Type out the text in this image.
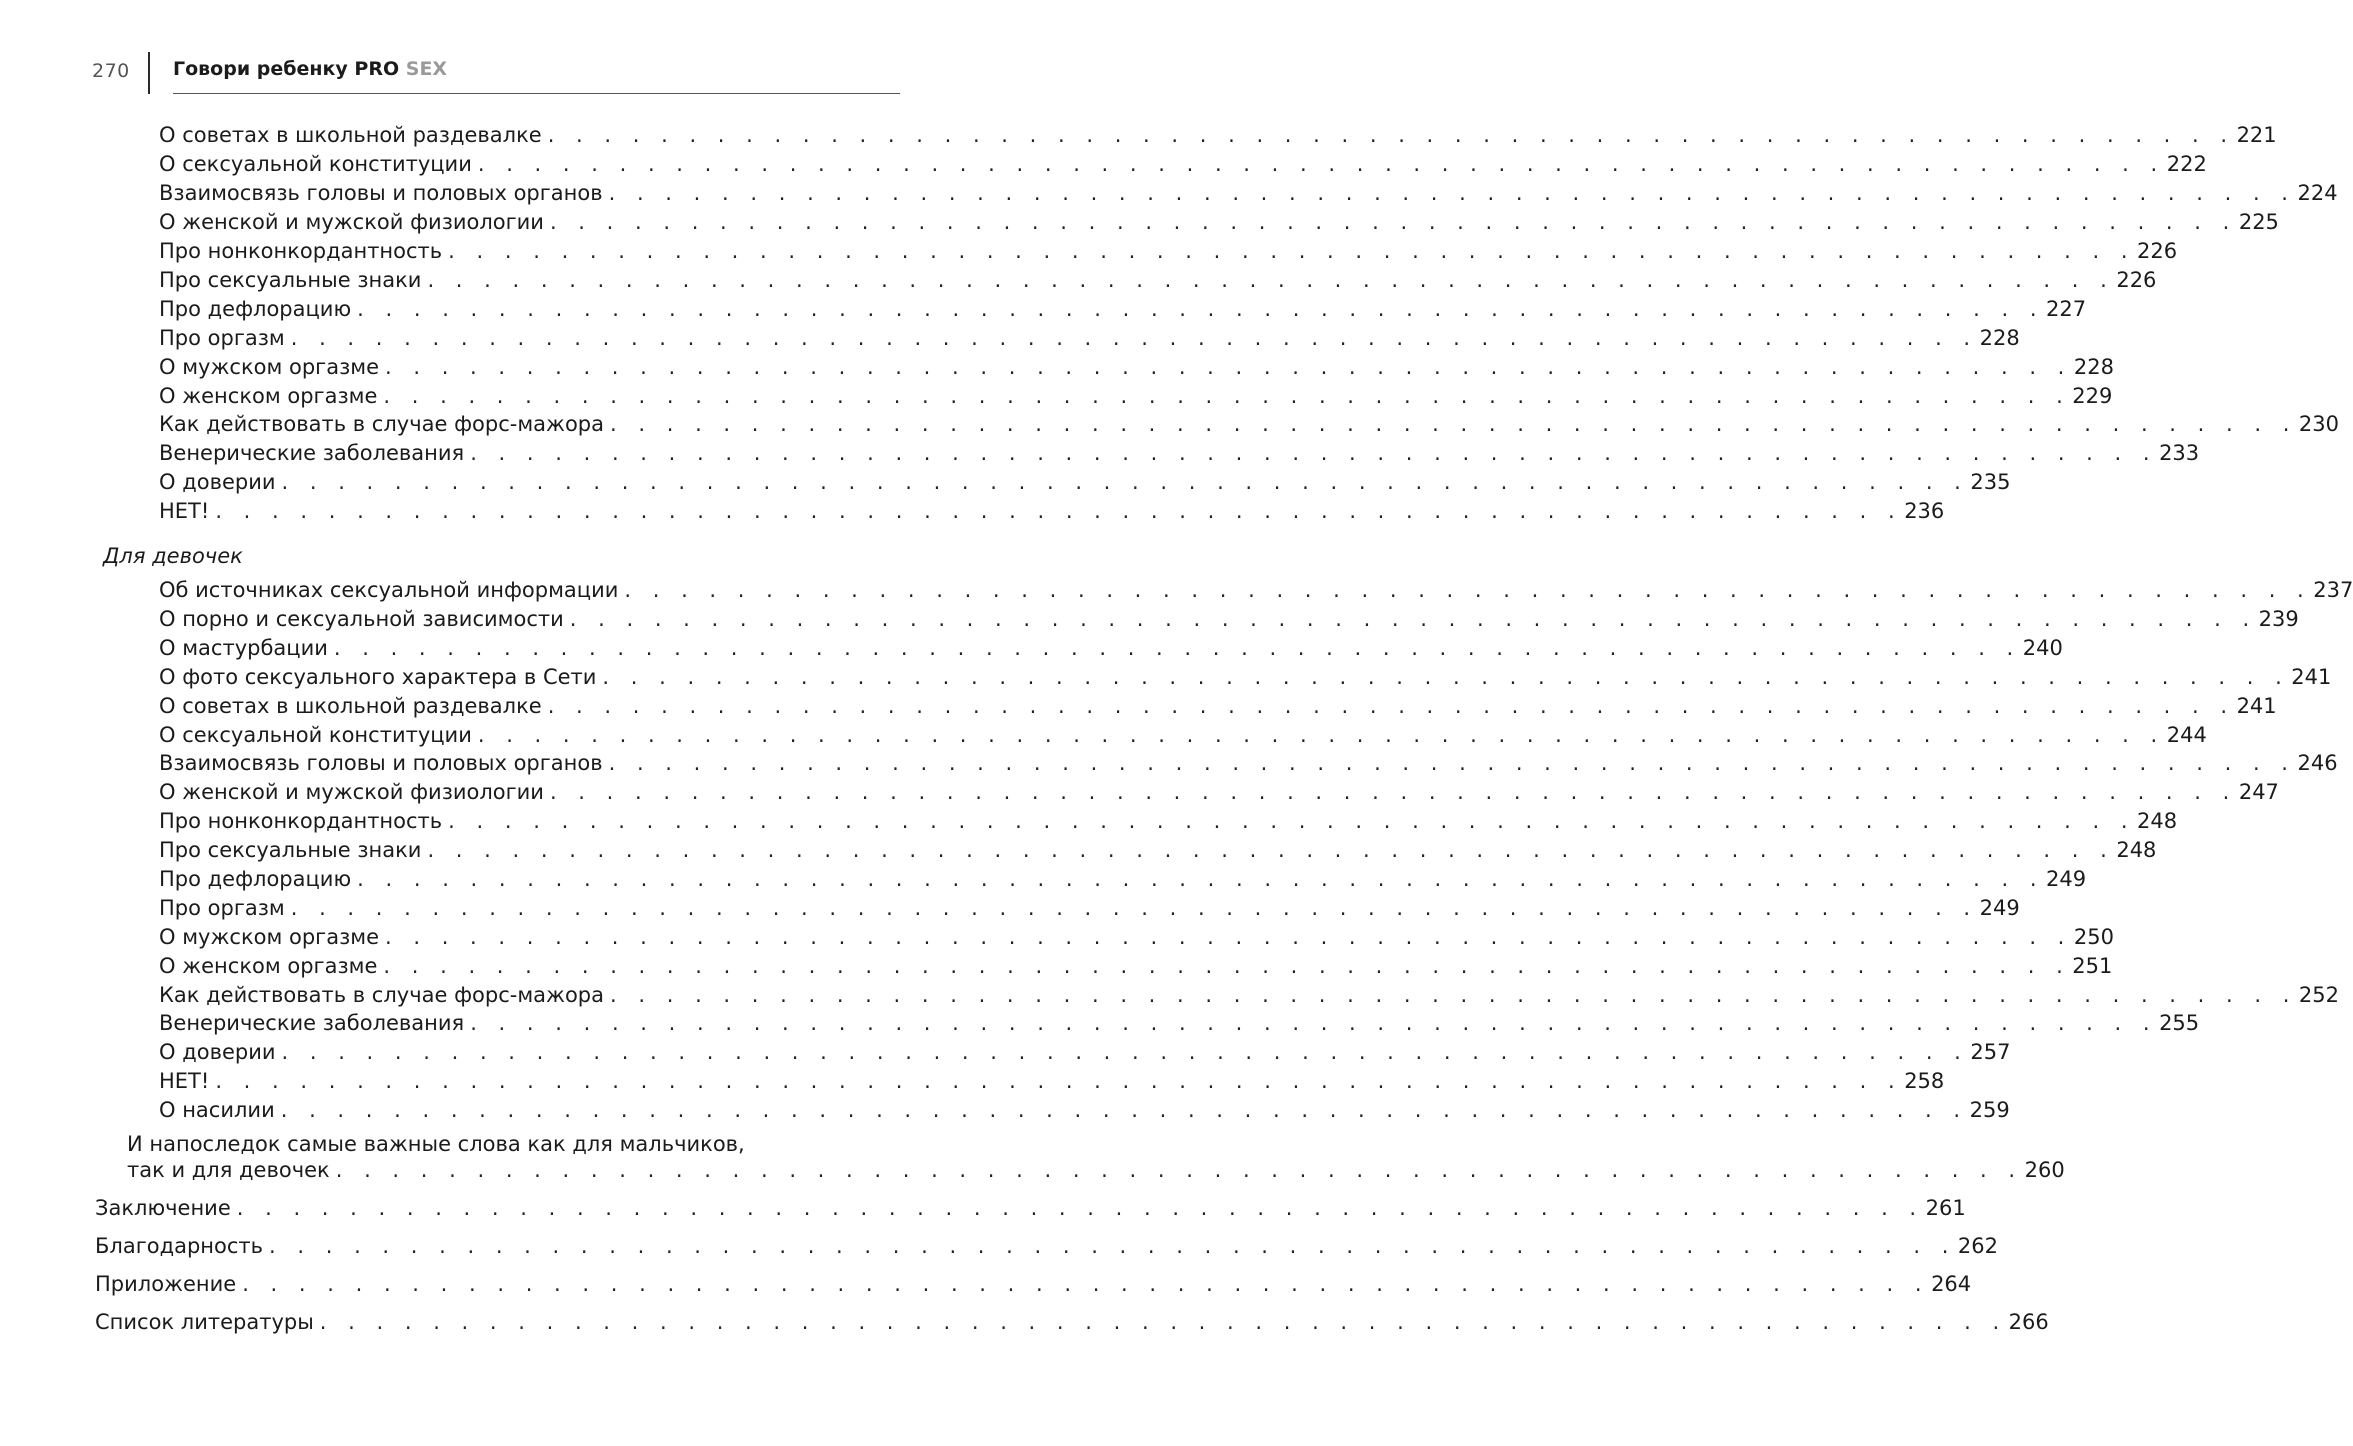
270 Говори ребенку PRO SEX
О советах в школьной раздевалке . . . . . . . . . . . . . . . . . . . . . . . . . . . . . . . . . . . . . . . . . . . . . . . . . . . . . . . . . . . . 221
О сексуальной конституции . . . . . . . . . . . . . . . . . . . . . . . . . . . . . . . . . . . . . . . . . . . . . . . . . . . . . . . . . . . . 222
Взаимосвязь головы и половых органов . . . . . . . . . . . . . . . . . . . . . . . . . . . . . . . . . . . . . . . . . . . . . . . . . . . . . . . . . . . . 224
О женской и мужской физиологии . . . . . . . . . . . . . . . . . . . . . . . . . . . . . . . . . . . . . . . . . . . . . . . . . . . . . . . . . . . . 225
Про нонконкордантность . . . . . . . . . . . . . . . . . . . . . . . . . . . . . . . . . . . . . . . . . . . . . . . . . . . . . . . . . . . . 226
Про сексуальные знаки . . . . . . . . . . . . . . . . . . . . . . . . . . . . . . . . . . . . . . . . . . . . . . . . . . . . . . . . . . . . 226
Про дефлорацию . . . . . . . . . . . . . . . . . . . . . . . . . . . . . . . . . . . . . . . . . . . . . . . . . . . . . . . . . . . . 227
Про оргазм . . . . . . . . . . . . . . . . . . . . . . . . . . . . . . . . . . . . . . . . . . . . . . . . . . . . . . . . . . . . 228
О мужском оргазме . . . . . . . . . . . . . . . . . . . . . . . . . . . . . . . . . . . . . . . . . . . . . . . . . . . . . . . . . . . . 228
О женском оргазме . . . . . . . . . . . . . . . . . . . . . . . . . . . . . . . . . . . . . . . . . . . . . . . . . . . . . . . . . . . . 229
Как действовать в случае форс-мажора . . . . . . . . . . . . . . . . . . . . . . . . . . . . . . . . . . . . . . . . . . . . . . . . . . . . . . . . . . . . 230
Венерические заболевания . . . . . . . . . . . . . . . . . . . . . . . . . . . . . . . . . . . . . . . . . . . . . . . . . . . . . . . . . . . . 233
О доверии . . . . . . . . . . . . . . . . . . . . . . . . . . . . . . . . . . . . . . . . . . . . . . . . . . . . . . . . . . . . 235
НЕТ! . . . . . . . . . . . . . . . . . . . . . . . . . . . . . . . . . . . . . . . . . . . . . . . . . . . . . . . . . . . . 236
Для девочек
Об источниках сексуальной информации . . . . . . . . . . . . . . . . . . . . . . . . . . . . . . . . . . . . . . . . . . . . . . . . . . . . . . . . . . . . 237
О порно и сексуальной зависимости . . . . . . . . . . . . . . . . . . . . . . . . . . . . . . . . . . . . . . . . . . . . . . . . . . . . . . . . . . . . 239
О мастурбации . . . . . . . . . . . . . . . . . . . . . . . . . . . . . . . . . . . . . . . . . . . . . . . . . . . . . . . . . . . . 240
О фото сексуального характера в Сети . . . . . . . . . . . . . . . . . . . . . . . . . . . . . . . . . . . . . . . . . . . . . . . . . . . . . . . . . . . . 241
О советах в школьной раздевалке . . . . . . . . . . . . . . . . . . . . . . . . . . . . . . . . . . . . . . . . . . . . . . . . . . . . . . . . . . . . 241
О сексуальной конституции . . . . . . . . . . . . . . . . . . . . . . . . . . . . . . . . . . . . . . . . . . . . . . . . . . . . . . . . . . . . 244
Взаимосвязь головы и половых органов . . . . . . . . . . . . . . . . . . . . . . . . . . . . . . . . . . . . . . . . . . . . . . . . . . . . . . . . . . . . 246
О женской и мужской физиологии . . . . . . . . . . . . . . . . . . . . . . . . . . . . . . . . . . . . . . . . . . . . . . . . . . . . . . . . . . . . 247
Про нонконкордантность . . . . . . . . . . . . . . . . . . . . . . . . . . . . . . . . . . . . . . . . . . . . . . . . . . . . . . . . . . . . 248
Про сексуальные знаки . . . . . . . . . . . . . . . . . . . . . . . . . . . . . . . . . . . . . . . . . . . . . . . . . . . . . . . . . . . . 248
Про дефлорацию . . . . . . . . . . . . . . . . . . . . . . . . . . . . . . . . . . . . . . . . . . . . . . . . . . . . . . . . . . . . 249
Про оргазм . . . . . . . . . . . . . . . . . . . . . . . . . . . . . . . . . . . . . . . . . . . . . . . . . . . . . . . . . . . . 249
О мужском оргазме . . . . . . . . . . . . . . . . . . . . . . . . . . . . . . . . . . . . . . . . . . . . . . . . . . . . . . . . . . . . 250
О женском оргазме . . . . . . . . . . . . . . . . . . . . . . . . . . . . . . . . . . . . . . . . . . . . . . . . . . . . . . . . . . . . 251
Как действовать в случае форс-мажора . . . . . . . . . . . . . . . . . . . . . . . . . . . . . . . . . . . . . . . . . . . . . . . . . . . . . . . . . . . . 252
Венерические заболевания . . . . . . . . . . . . . . . . . . . . . . . . . . . . . . . . . . . . . . . . . . . . . . . . . . . . . . . . . . . . 255
О доверии . . . . . . . . . . . . . . . . . . . . . . . . . . . . . . . . . . . . . . . . . . . . . . . . . . . . . . . . . . . . 257
НЕТ! . . . . . . . . . . . . . . . . . . . . . . . . . . . . . . . . . . . . . . . . . . . . . . . . . . . . . . . . . . . . 258
О насилии . . . . . . . . . . . . . . . . . . . . . . . . . . . . . . . . . . . . . . . . . . . . . . . . . . . . . . . . . . . . 259
И напоследок самые важные слова как для мальчиков,
так и для девочек . . . . . . . . . . . . . . . . . . . . . . . . . . . . . . . . . . . . . . . . . . . . . . . . . . . . . . . . . . . . 260
Заключение . . . . . . . . . . . . . . . . . . . . . . . . . . . . . . . . . . . . . . . . . . . . . . . . . . . . . . . . . . . . 261
Благодарность . . . . . . . . . . . . . . . . . . . . . . . . . . . . . . . . . . . . . . . . . . . . . . . . . . . . . . . . . . . . 262
Приложение . . . . . . . . . . . . . . . . . . . . . . . . . . . . . . . . . . . . . . . . . . . . . . . . . . . . . . . . . . . . 264
Список литературы . . . . . . . . . . . . . . . . . . . . . . . . . . . . . . . . . . . . . . . . . . . . . . . . . . . . . . . . . . . . 266
